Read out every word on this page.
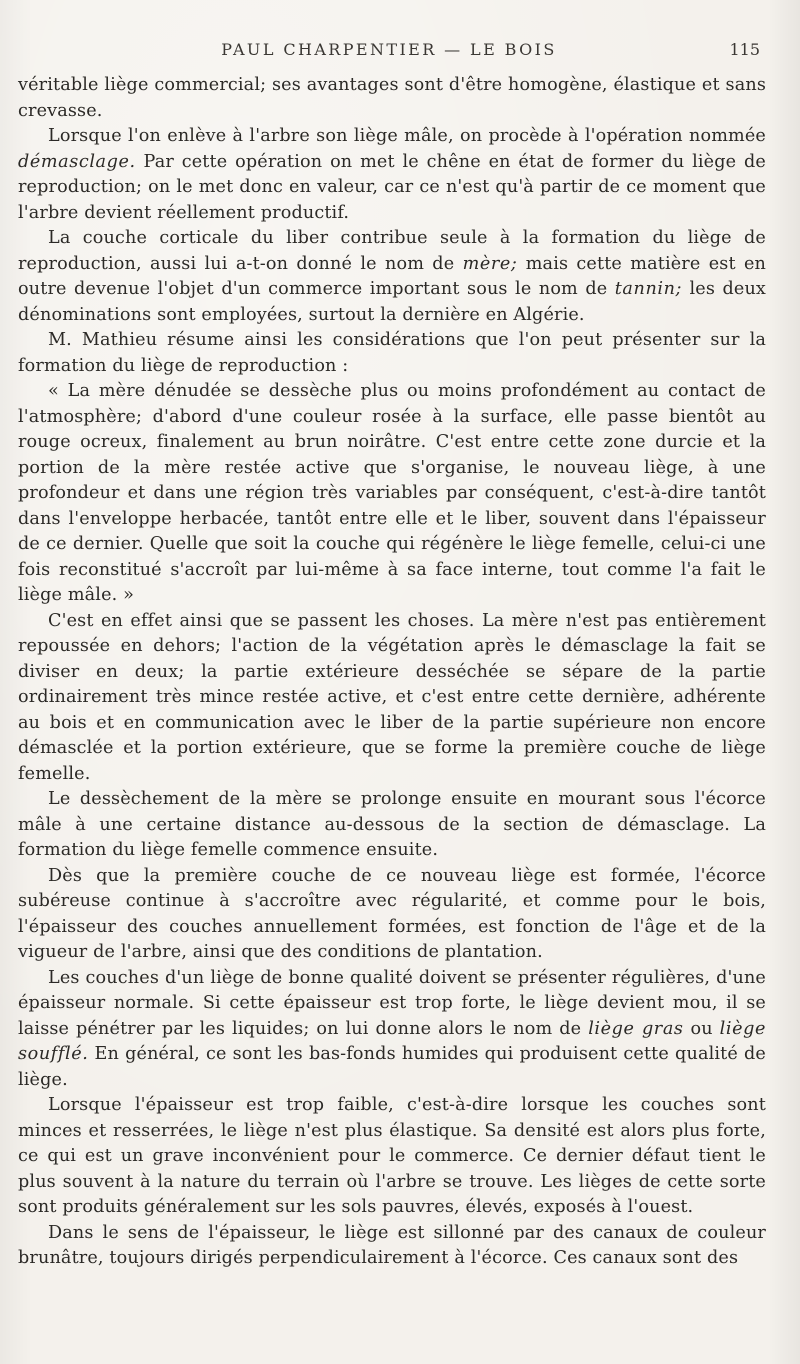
PAUL CHARPENTIER — LE BOIS	115

véritable liège commercial; ses avantages sont d'être homogène, élastique et sans crevasse.

Lorsque l'on enlève à l'arbre son liège mâle, on procède à l'opération nommée démasclage. Par cette opération on met le chêne en état de former du liège de reproduction; on le met donc en valeur, car ce n'est qu'à partir de ce moment que l'arbre devient réellement productif.

La couche corticale du liber contribue seule à la formation du liège de reproduction, aussi lui a-t-on donné le nom de mère; mais cette matière est en outre devenue l'objet d'un commerce important sous le nom de tannin; les deux dénominations sont employées, surtout la dernière en Algérie.

M. Mathieu résume ainsi les considérations que l'on peut présenter sur la formation du liège de reproduction :

« La mère dénudée se dessèche plus ou moins profondément au contact de l'atmosphère; d'abord d'une couleur rosée à la surface, elle passe bientôt au rouge ocreux, finalement au brun noirâtre. C'est entre cette zone durcie et la portion de la mère restée active que s'organise, le nouveau liège, à une profondeur et dans une région très variables par conséquent, c'est-à-dire tantôt dans l'enveloppe herbacée, tantôt entre elle et le liber, souvent dans l'épaisseur de ce dernier. Quelle que soit la couche qui régénère le liège femelle, celui-ci une fois reconstitué s'accroît par lui-même à sa face interne, tout comme l'a fait le liège mâle. »

C'est en effet ainsi que se passent les choses. La mère n'est pas entièrement repoussée en dehors; l'action de la végétation après le démasclage la fait se diviser en deux; la partie extérieure desséchée se sépare de la partie ordinairement très mince restée active, et c'est entre cette dernière, adhérente au bois et en communication avec le liber de la partie supérieure non encore démasclée et la portion extérieure, que se forme la première couche de liège femelle.

Le dessèchement de la mère se prolonge ensuite en mourant sous l'écorce mâle à une certaine distance au-dessous de la section de démasclage. La formation du liège femelle commence ensuite.

Dès que la première couche de ce nouveau liège est formée, l'écorce subéreuse continue à s'accroître avec régularité, et comme pour le bois, l'épaisseur des couches annuellement formées, est fonction de l'âge et de la vigueur de l'arbre, ainsi que des conditions de plantation.

Les couches d'un liège de bonne qualité doivent se présenter régulières, d'une épaisseur normale. Si cette épaisseur est trop forte, le liège devient mou, il se laisse pénétrer par les liquides; on lui donne alors le nom de liège gras ou liège soufflé. En général, ce sont les bas-fonds humides qui produisent cette qualité de liège.

Lorsque l'épaisseur est trop faible, c'est-à-dire lorsque les couches sont minces et resserrées, le liège n'est plus élastique. Sa densité est alors plus forte, ce qui est un grave inconvénient pour le commerce. Ce dernier défaut tient le plus souvent à la nature du terrain où l'arbre se trouve. Les lièges de cette sorte sont produits généralement sur les sols pauvres, élevés, exposés à l'ouest.

Dans le sens de l'épaisseur, le liège est sillonné par des canaux de couleur brunâtre, toujours dirigés perpendiculairement à l'écorce. Ces canaux sont des
